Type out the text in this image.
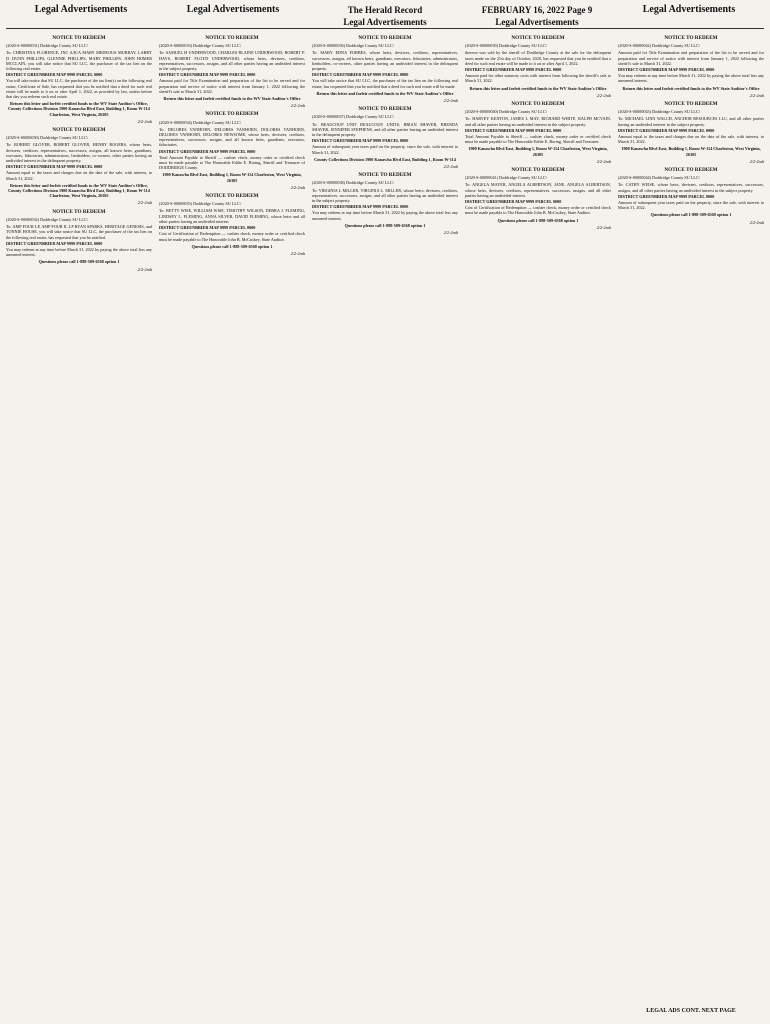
Legal Advertisements	Legal Advertisements	The Herald Record
Legal Advertisements
FEBRUARY 16, 2022 Page 9
Legal Advertisements
Legal Advertisements
NOTICE TO REDEEM
(2020-S-00000031) Doddridge County SU LLC\

To: CHRISTINA FLORENCE, INC A/K/A MARY MEDEOUS MURRAY, LARRY D. DUNN PHILLIPS, GLENNIE PHILLIPS, MARY PHILLIPS, JOHN HOMER MCCLAIN, you will take notice that SU LLC, the purchaser of the tax lien on the following real estate.

DISTRICT GREENBRIER MAP 9999 PARCEL 0000

You will take notice that SU LLC, the purchaser of the tax lien(s) on the following real estate, Certificate of Sale, has requested that you be notified that a deed for such real estate will be made to it on or after April 1, 2022, as provided by law, unless before that day you redeem such real estate.

Return this letter and forfeit certified funds to the WV State Auditor's Office, County Collections Division 1900 Kanawha Blvd East, Building 1, Room W-114 Charleston, West Virginia, 26305
2/2-2ndt
NOTICE TO REDEEM
(2020-S-00000030) Doddridge County SU LLC\

To: ROBERT GLOVER, ROBERT GLOVER, HENRY ROGERS, whose heirs, devisees, creditors, representatives, successors, assigns, all known heirs, guardians, executors, fiduciaries, administrators, lienholders, co-owners, other parties having an undivided interest in the delinquent property.

DISTRICT GREENBRIER MAP 9999 PARCEL 0000

Amount equal to the taxes and charges due on the date of the sale, with interest, to March 31, 2022.

Return this letter and forfeit certified funds to the WV State Auditor's Office, County Collections Division 1900 Kanawha Blvd East, Building 1, Room W-114 Charleston, West Virginia, 26305
2/2-2ndt
NOTICE TO REDEEM
(2020-S-00000032) Doddridge County SU LLC\

To: AMP FOUR LP, AMP FOUR II, LP RYAN SPARKS, HERITAGE GENESIS, and TONNIE HOUSE, you will take notice that SU LLC, the purchaser of the tax lien on the following real estate, has requested that you be notified.

DISTRICT GREENBRIER MAP 9999 PARCEL 0000

You may redeem at any time before March 31, 2022 by paying the above total less any unearned interest.

Questions please call 1-888-509-6568 option 1
2/2-2ndt
NOTICE TO REDEEM
(2020-S-00000033) Doddridge County SU LLC\

To: SAMUEL H UNDERWOOD, CHARLES BLAINE UNDERWOOD, ROBERT P. HAYS, ROBERT FLOYD UNDERWOOD, whose heirs, devisees, creditors, representatives, successors, assigns, and all other parties having an undivided interest in the subject property.

DISTRICT GREENBRIER MAP 9999 PARCEL 0000

Amount paid for Title Examination and preparation of the list to be served and for preparation and service of notice with interest from January 1, 2022 following the sheriff's sale to March 31, 2022.

Return this letter and forfeit certified funds to the WV State Auditor's Office
2/2-2ndt
NOTICE TO REDEEM
(2020-S-00000034) Doddridge County SU LLC\

To: DELORES VANHORN, DELORES VANHORN, DOLORES VANHORN, DELORES VANHORN, DELORES NEWSOME, whose heirs, devisees, creditors, representatives, successors, assigns, and all known heirs, guardians, executors, fiduciaries.

DISTRICT GREENBRIER MAP 9999 PARCEL 0000

Total Amount Payable to Sheriff — cashier check, money order or certified check must be made payable to The Honorable Eddie E. Boring, Sheriff and Treasurer of DODDRIDGE County.

1900 Kanawha Blvd East, Building 1, Room W-114 Charleston, West Virginia, 26305
2/2-2ndt
NOTICE TO REDEEM
(2020-S-00000035) Doddridge County SU LLC\

To: BETTY WISE, WILLIAM WISE, TIMOTHY WILSON, DEBRA J. FLEMING, LINDSEY L. FLEMING, ANNA SILVER, DAVID FLEMING, whose heirs and all other parties having an undivided interest.

DISTRICT GREENBRIER MAP 9999 PARCEL 0000

Cost of Certification of Redemption — cashier check, money order or certified check must be made payable to The Honorable John B. McCuskey, State Auditor.

Questions please call 1-888-509-6568 option 1
2/2-2ndt
NOTICE TO REDEEM
(2020-S-00000036) Doddridge County SU LLC\

To: MARY EDNA FORBES, whose heirs, devisees, creditors, representatives, successors, assigns, all known heirs, guardians, executors, fiduciaries, administrators, lienholders, co-owners, other parties having an undivided interest in the delinquent property.

DISTRICT GREENBRIER MAP 9999 PARCEL 0000

You will take notice that SU LLC, the purchaser of the tax lien on the following real estate, has requested that you be notified that a deed for such real estate will be made.

Return this letter and forfeit certified funds to the WV State Auditor's Office
2/2-2ndt
NOTICE TO REDEEM
(2020-S-00000037) Doddridge County SU LLC\

To: BEAUCOUP UNIT BEAUCOUP, UNITS, BRIAN SHAVER, BRENDA SHAVER, JENNIFER STEPHENS, and all other parties having an undivided interest in the delinquent property.

DISTRICT GREENBRIER MAP 9999 PARCEL 0000

Amount of subsequent year taxes paid on the property, since the sale, with interest to March 31, 2022.

County Collections Division 1900 Kanawha Blvd East, Building 1, Room W-114
2/2-2ndt
NOTICE TO REDEEM
(2020-S-00000038) Doddridge County SU LLC\

To: VIRGINIA L MILLER, VIRGINIA L. MILLER, whose heirs, devisees, creditors, representatives, successors, assigns, and all other parties having an undivided interest in the subject property.

DISTRICT GREENBRIER MAP 9999 PARCEL 0000

You may redeem at any time before March 31, 2022 by paying the above total less any unearned interest.

Questions please call 1-888-509-6568 option 1
2/2-2ndt
NOTICE TO REDEEM
(2020-S-00000039) Doddridge County SU LLC\

thereon was sold by the sheriff of Doddridge County at the sale for the delinquent taxes made on the 21st day of October, 2020, has requested that you be notified that a deed for such real estate will be made to it on or after April 1, 2022.

DISTRICT GREENBRIER MAP 9999 PARCEL 0000

Amount paid for other statutory costs with interest from following the sheriff's sale to March 31, 2022.

Return this letter and forfeit certified funds to the WV State Auditor's Office
2/2-2ndt
NOTICE TO REDEEM
(2020-S-00000040) Doddridge County SU LLC\

To: HARVEY KENTON, JAMES L MAY, RICHARD WHITE, RALPH MCVAIN, and all other parties having an undivided interest in the subject property.

DISTRICT GREENBRIER MAP 9999 PARCEL 0000

Total Amount Payable to Sheriff — cashier check, money order or certified check must be made payable to The Honorable Eddie E. Boring, Sheriff and Treasurer.

1900 Kanawha Blvd East, Building 1, Room W-114 Charleston, West Virginia, 26305
2/2-2ndt
NOTICE TO REDEEM
(2020-S-00000041) Doddridge County SU LLC\

To: ANGELA MAYER, ANGELA ALBERTSON, JANE, ANGELA ALBERTSON, whose heirs, devisees, creditors, representatives, successors, assigns, and all other parties having an undivided interest.

DISTRICT GREENBRIER MAP 9999 PARCEL 0000

Cost of Certification of Redemption — cashier check, money order or certified check must be made payable to The Honorable John B. McCuskey, State Auditor.

Questions please call 1-888-509-6568 option 1
2/2-2ndt
NOTICE TO REDEEM
(2020-S-00000042) Doddridge County SU LLC\

Amount paid for Title Examination and preparation of the list to be served and for preparation and service of notice with interest from January 1, 2022 following the sheriff's sale to March 31, 2022.

DISTRICT GREENBRIER MAP 9999 PARCEL 0000

You may redeem at any time before March 31, 2022 by paying the above total less any unearned interest.

Return this letter and forfeit certified funds to the WV State Auditor's Office
2/2-2ndt
NOTICE TO REDEEM
(2020-S-00000043) Doddridge County SU LLC\

To: MICHAEL LINN WALCH, ANCHOR RESOURCES LLC, and all other parties having an undivided interest in the subject property.

DISTRICT GREENBRIER MAP 9999 PARCEL 0000

Amount equal to the taxes and charges due on the date of the sale, with interest, to March 31, 2022.

1900 Kanawha Blvd East, Building 1, Room W-114 Charleston, West Virginia, 26305
2/2-2ndt
NOTICE TO REDEEM
(2020-S-00000044) Doddridge County SU LLC\

To: CATHY WEISE, whose heirs, devisees, creditors, representatives, successors, assigns, and all other parties having an undivided interest in the subject property.

DISTRICT GREENBRIER MAP 9999 PARCEL 0000

Amount of subsequent year taxes paid on the property, since the sale, with interest to March 31, 2022.

Questions please call 1-888-509-6568 option 1
2/2-2ndt
LEGAL ADS CONT. NEXT PAGE
